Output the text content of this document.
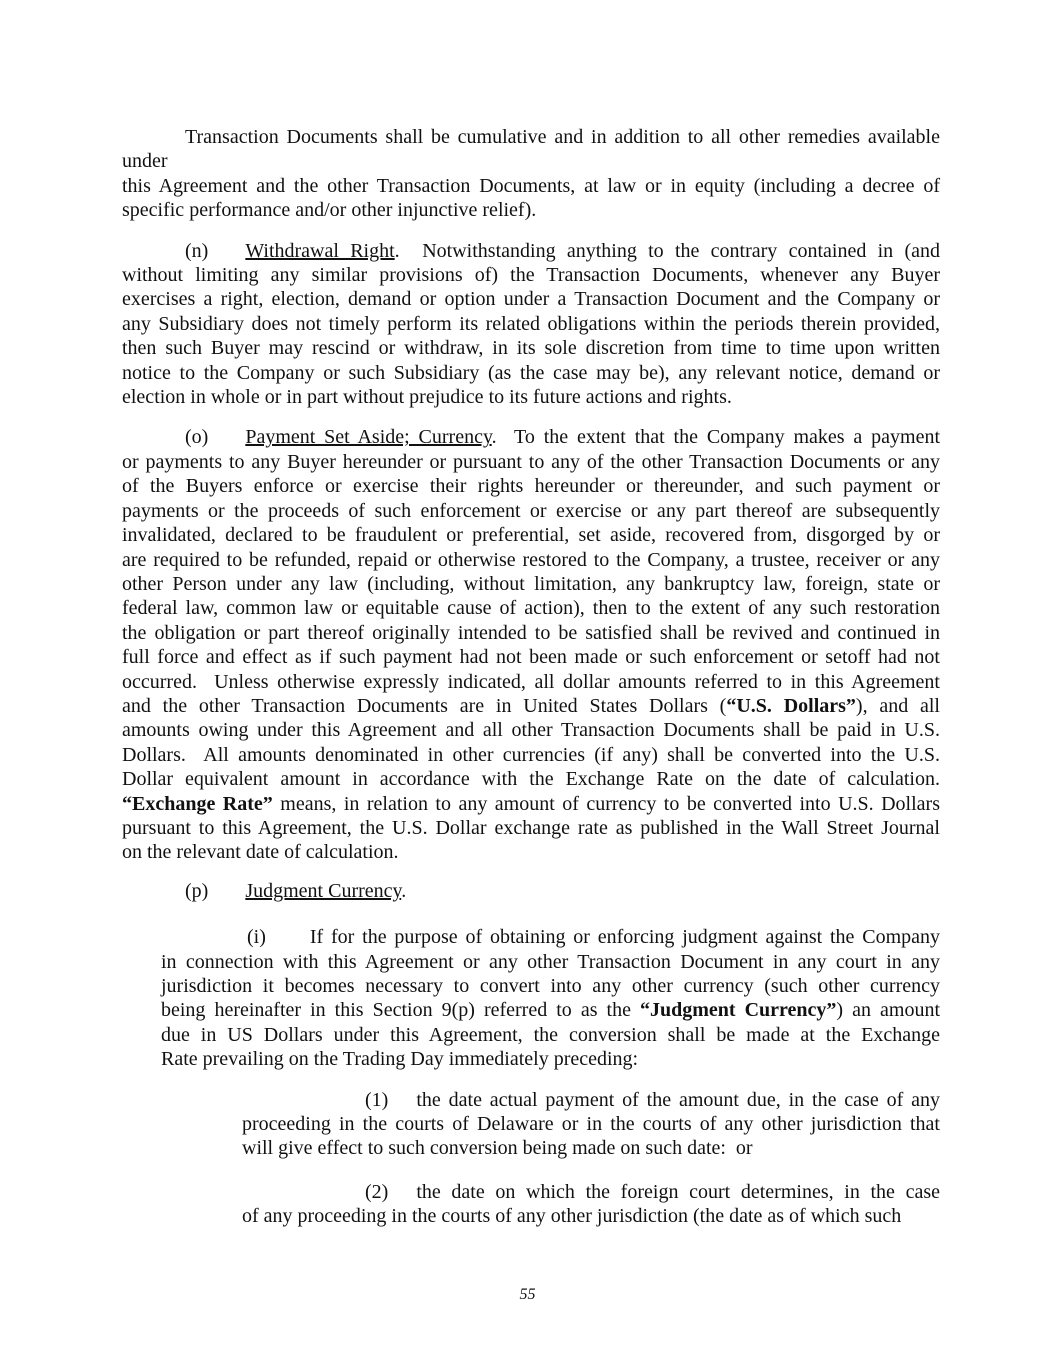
Transaction Documents shall be cumulative and in addition to all other remedies available under
this Agreement and the other Transaction Documents, at law or in equity (including a decree of
specific performance and/or other injunctive relief).
(n) Withdrawal Right.  Notwithstanding anything to the contrary contained in (and
without limiting any similar provisions of) the Transaction Documents, whenever any Buyer
exercises a right, election, demand or option under a Transaction Document and the Company or
any Subsidiary does not timely perform its related obligations within the periods therein provided,
then such Buyer may rescind or withdraw, in its sole discretion from time to time upon written
notice to the Company or such Subsidiary (as the case may be), any relevant notice, demand or
election in whole or in part without prejudice to its future actions and rights.
(o) Payment Set Aside; Currency.  To the extent that the Company makes a payment
or payments to any Buyer hereunder or pursuant to any of the other Transaction Documents or any
of the Buyers enforce or exercise their rights hereunder or thereunder, and such payment or
payments or the proceeds of such enforcement or exercise or any part thereof are subsequently
invalidated, declared to be fraudulent or preferential, set aside, recovered from, disgorged by or
are required to be refunded, repaid or otherwise restored to the Company, a trustee, receiver or any
other Person under any law (including, without limitation, any bankruptcy law, foreign, state or
federal law, common law or equitable cause of action), then to the extent of any such restoration
the obligation or part thereof originally intended to be satisfied shall be revived and continued in
full force and effect as if such payment had not been made or such enforcement or setoff had not
occurred.  Unless otherwise expressly indicated, all dollar amounts referred to in this Agreement
and the other Transaction Documents are in United States Dollars (“U.S. Dollars”), and all
amounts owing under this Agreement and all other Transaction Documents shall be paid in U.S.
Dollars.  All amounts denominated in other currencies (if any) shall be converted into the U.S.
Dollar equivalent amount in accordance with the Exchange Rate on the date of calculation.
“Exchange Rate” means, in relation to any amount of currency to be converted into U.S. Dollars
pursuant to this Agreement, the U.S. Dollar exchange rate as published in the Wall Street Journal
on the relevant date of calculation.
(p) Judgment Currency.
(i) If for the purpose of obtaining or enforcing judgment against the Company
in connection with this Agreement or any other Transaction Document in any court in any
jurisdiction it becomes necessary to convert into any other currency (such other currency
being hereinafter in this Section 9(p) referred to as the “Judgment Currency”) an amount
due in US Dollars under this Agreement, the conversion shall be made at the Exchange
Rate prevailing on the Trading Day immediately preceding:
(1) the date actual payment of the amount due, in the case of any
proceeding in the courts of Delaware or in the courts of any other jurisdiction that
will give effect to such conversion being made on such date:  or
(2) the date on which the foreign court determines, in the case
of any proceeding in the courts of any other jurisdiction (the date as of which such
55
